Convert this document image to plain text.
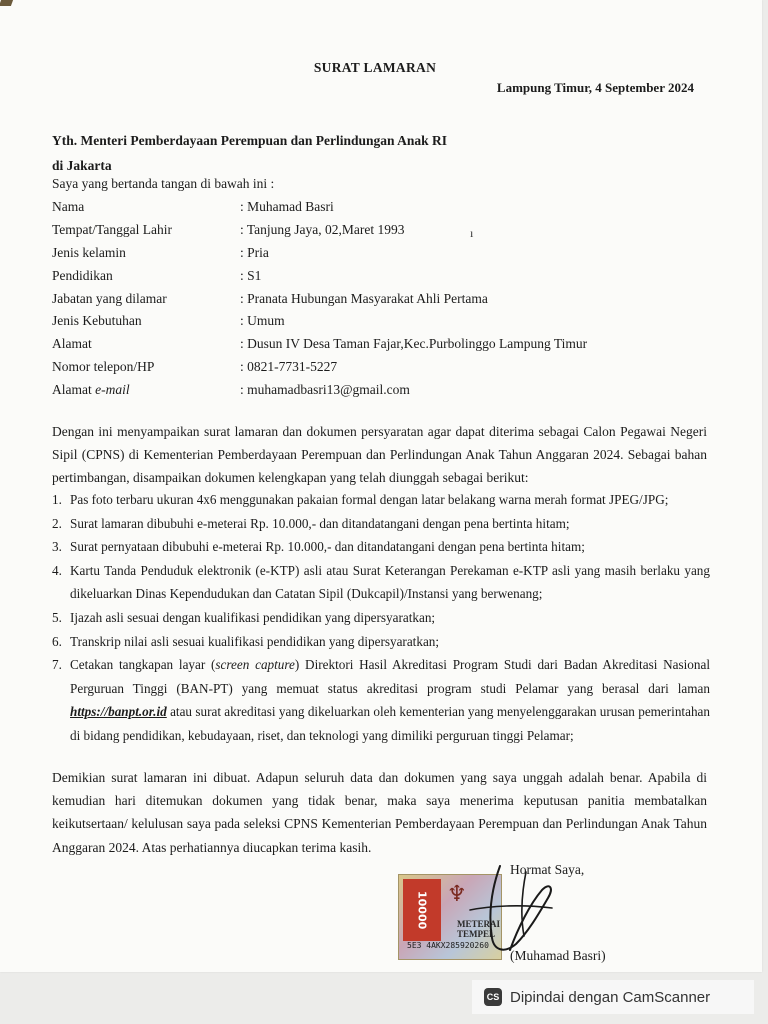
SURAT LAMARAN
Lampung Timur, 4 September 2024
Yth. Menteri Pemberdayaan Perempuan dan Perlindungan Anak RI
di Jakarta
Saya yang bertanda tangan di bawah ini :
Nama	: Muhamad Basri
Tempat/Tanggal Lahir	: Tanjung Jaya, 02,Maret 1993
Jenis kelamin	: Pria
Pendidikan	: S1
Jabatan yang dilamar	: Pranata Hubungan Masyarakat Ahli Pertama
Jenis Kebutuhan	: Umum
Alamat	: Dusun IV Desa Taman Fajar,Kec.Purbolinggo Lampung Timur
Nomor telepon/HP	: 0821-7731-5227
Alamat e-mail	: muhamadbasri13@gmail.com
ı
Dengan ini menyampaikan surat lamaran dan dokumen persyaratan agar dapat diterima sebagai Calon Pegawai Negeri Sipil (CPNS) di Kementerian Pemberdayaan Perempuan dan Perlindungan Anak Tahun Anggaran 2024. Sebagai bahan pertimbangan, disampaikan dokumen kelengkapan yang telah diunggah sebagai berikut:
1. Pas foto terbaru ukuran 4x6 menggunakan pakaian formal dengan latar belakang warna merah format JPEG/JPG;
2. Surat lamaran dibubuhi e-meterai Rp. 10.000,- dan ditandatangani dengan pena bertinta hitam;
3. Surat pernyataan dibubuhi e-meterai Rp. 10.000,- dan ditandatangani dengan pena bertinta hitam;
4. Kartu Tanda Penduduk elektronik (e-KTP) asli atau Surat Keterangan Perekaman e-KTP asli yang masih berlaku yang dikeluarkan Dinas Kependudukan dan Catatan Sipil (Dukcapil)/Instansi yang berwenang;
5. Ijazah asli sesuai dengan kualifikasi pendidikan yang dipersyaratkan;
6. Transkrip nilai asli sesuai kualifikasi pendidikan yang dipersyaratkan;
7. Cetakan tangkapan layar (screen capture) Direktori Hasil Akreditasi Program Studi dari Badan Akreditasi Nasional Perguruan Tinggi (BAN-PT) yang memuat status akreditasi program studi Pelamar yang berasal dari laman https://banpt.or.id atau surat akreditasi yang dikeluarkan oleh kementerian yang menyelenggarakan urusan pemerintahan di bidang pendidikan, kebudayaan, riset, dan teknologi yang dimiliki perguruan tinggi Pelamar;
Demikian surat lamaran ini dibuat. Adapun seluruh data dan dokumen yang saya unggah adalah benar. Apabila di kemudian hari ditemukan dokumen yang tidak benar, maka saya menerima keputusan panitia membatalkan keikutsertaan/ kelulusan saya pada seleksi CPNS Kementerian Pemberdayaan Perempuan dan Perlindungan Anak Tahun Anggaran 2024. Atas perhatiannya diucapkan terima kasih.
Hormat Saya,
10000 ♆
METERAI
TEMPEL
5E3 4AKX285920260
(Muhamad Basri)
CS Dipindai dengan CamScanner
